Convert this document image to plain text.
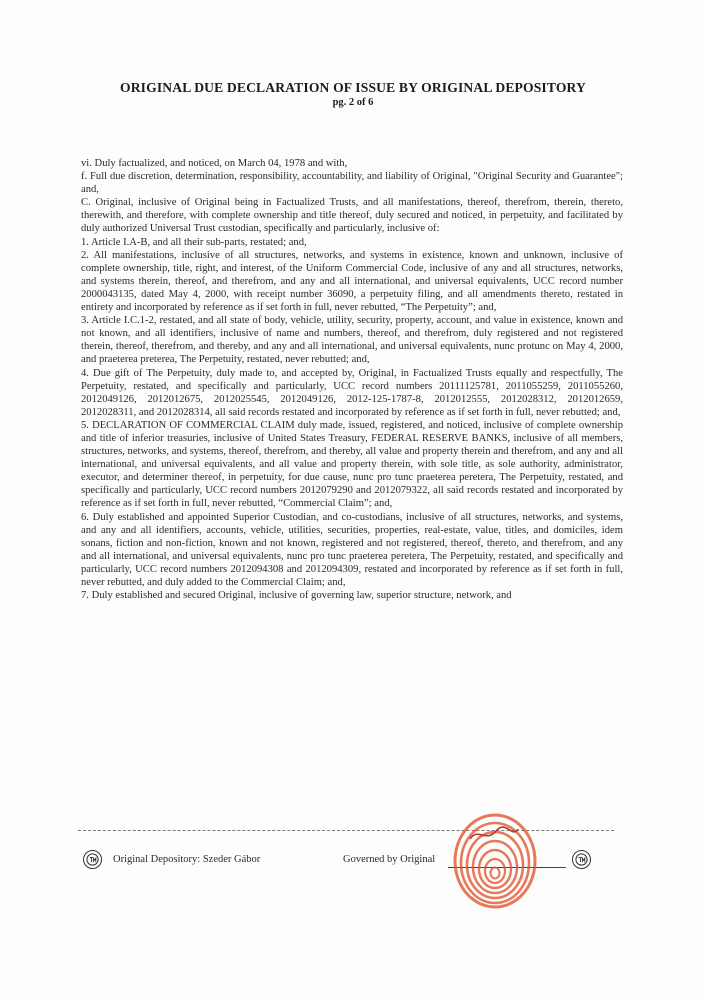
ORIGINAL DUE DECLARATION OF ISSUE BY ORIGINAL DEPOSITORY
pg. 2 of 6

vi. Duly factualized, and noticed, on March 04, 1978 and with,

f. Full due discretion, determination, responsibility, accountability, and liability of Original, "Original Security and Guarantee"; and,

C. Original, inclusive of Original being in Factualized Trusts, and all manifestations, thereof, therefrom, therein, thereto, therewith, and therefore, with complete ownership and title thereof, duly secured and noticed, in perpetuity, and facilitated by duly authorized Universal Trust custodian, specifically and particularly, inclusive of:

1. Article I.A-B, and all their sub-parts, restated; and,

2. All manifestations, inclusive of all structures, networks, and systems in existence, known and unknown, inclusive of complete ownership, title, right, and interest, of the Uniform Commercial Code, inclusive of any and all structures, networks, and systems therein, thereof, and therefrom, and any and all international, and universal equivalents, UCC record number 2000043135, dated May 4, 2000, with receipt number 36090, a perpetuity filing, and all amendments thereto, restated in entirety and incorporated by reference as if set forth in full, never rebutted, “The Perpetuity”; and,

3. Article I.C.1-2, restated, and all state of body, vehicle, utility, security, property, account, and value in existence, known and not known, and all identifiers, inclusive of name and numbers, thereof, and therefrom, duly registered and not registered therein, thereof, therefrom, and thereby, and any and all international, and universal equivalents, nunc protunc on May 4, 2000, and praeterea preterea, The Perpetuity, restated, never rebutted; and,

4. Due gift of The Perpetuity, duly made to, and accepted by, Original, in Factualized Trusts equally and respectfully, The Perpetuity, restated, and specifically and particularly, UCC record numbers 20111125781, 2011055259, 2011055260, 2012049126, 2012012675, 2012025545, 2012049126, 2012-125-1787-8, 2012012555, 2012028312, 2012012659, 2012028311, and 2012028314, all said records restated and incorporated by reference as if set forth in full, never rebutted; and,

5. DECLARATION OF COMMERCIAL CLAIM duly made, issued, registered, and noticed, inclusive of complete ownership and title of inferior treasuries, inclusive of United States Treasury, FEDERAL RESERVE BANKS, inclusive of all members, structures, networks, and systems, thereof, therefrom, and thereby, all value and property therein and therefrom, and any and all international, and universal equivalents, and all value and property therein, with sole title, as sole authority, administrator, executor, and determiner thereof, in perpetuity, for due cause, nunc pro tunc praeterea peretera, The Perpetuity, restated, and specifically and particularly, UCC record numbers 2012079290 and 2012079322, all said records restated and incorporated by reference as if set forth in full, never rebutted, “Commercial Claim”; and,

6. Duly established and appointed Superior Custodian, and co-custodians, inclusive of all structures, networks, and systems, and any and all identifiers, accounts, vehicle, utilities, securities, properties, real-estate, value, titles, and domiciles, idem sonans, fiction and non-fiction, known and not known, registered and not registered, thereof, thereto, and therefrom, and any and all international, and universal equivalents, nunc pro tunc praeterea peretera, The Perpetuity, restated, and specifically and particularly, UCC record numbers 2012094308 and 2012094309, restated and incorporated by reference as if set forth in full, never rebutted, and duly added to the Commercial Claim; and,

7. Duly established and secured Original, inclusive of governing law, superior structure, network, and

Original Depository: Szeder Gábor	Governed by Original
